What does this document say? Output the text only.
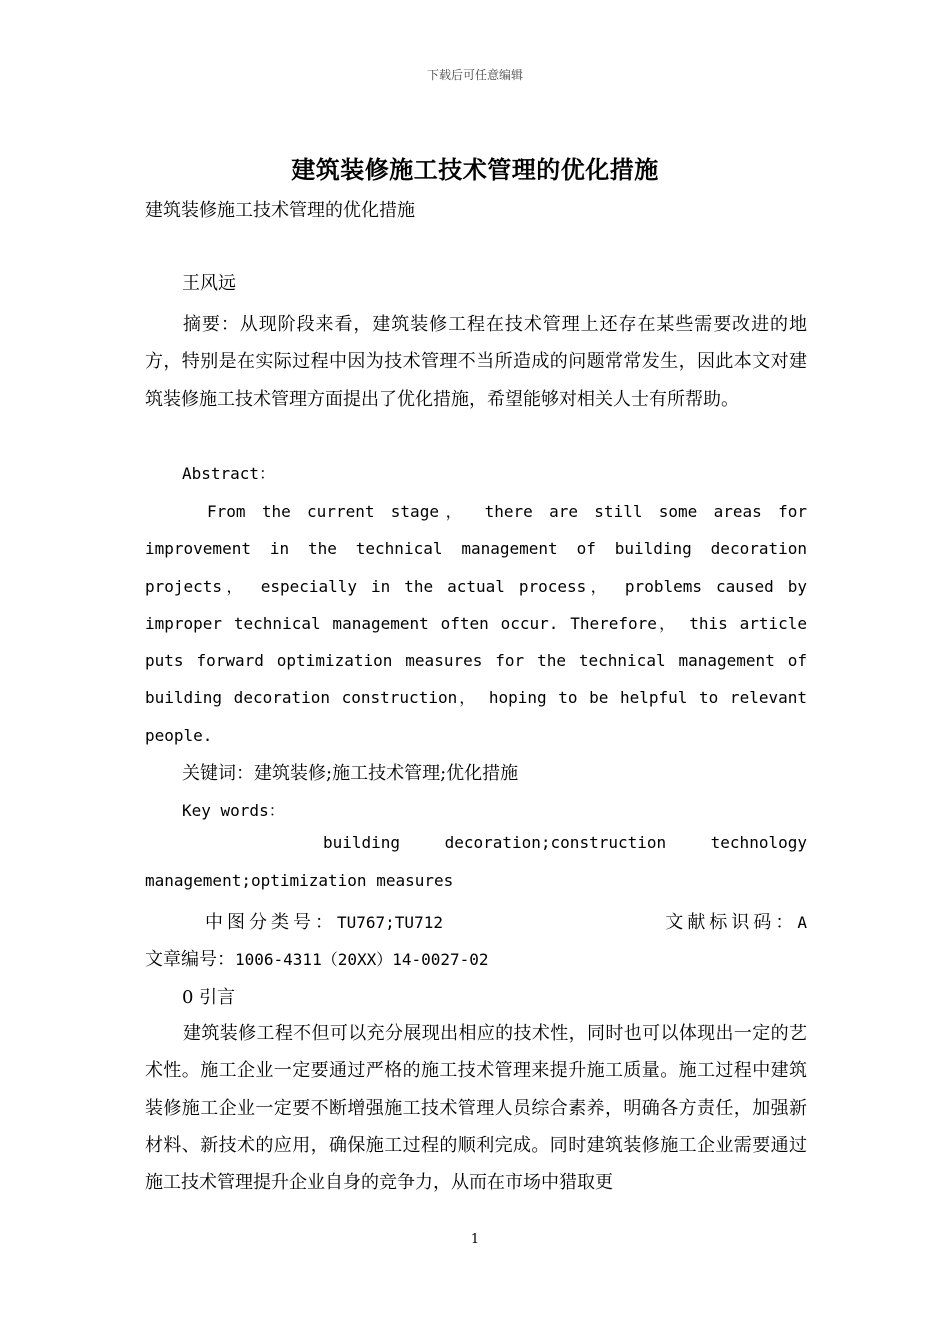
下载后可任意编辑
建筑装修施工技术管理的优化措施
建筑装修施工技术管理的优化措施
王风远
摘要：从现阶段来看，建筑装修工程在技术管理上还存在某些需要改进的地方，特别是在实际过程中因为技术管理不当所造成的问题常常发生，因此本文对建筑装修施工技术管理方面提出了优化措施，希望能够对相关人士有所帮助。
Abstract：
From the current stage， there are still some areas for improvement in the technical management of building decoration projects， especially in the actual process， problems caused by improper technical management often occur. Therefore， this article puts forward optimization measures for the technical management of building decoration construction， hoping to be helpful to relevant people.
关键词：建筑装修;施工技术管理;优化措施
Key words：
building	decoration;construction	technology
management;optimization measures
中图分类号：TU767;TU712	文献标识码：A
文章编号：1006-4311（20XX）14-0027-02
0 引言
建筑装修工程不但可以充分展现出相应的技术性，同时也可以体现出一定的艺术性。施工企业一定要通过严格的施工技术管理来提升施工质量。施工过程中建筑装修施工企业一定要不断增强施工技术管理人员综合素养，明确各方责任，加强新材料、新技术的应用，确保施工过程的顺利完成。同时建筑装修施工企业需要通过施工技术管理提升企业自身的竞争力，从而在市场中猎取更
1
